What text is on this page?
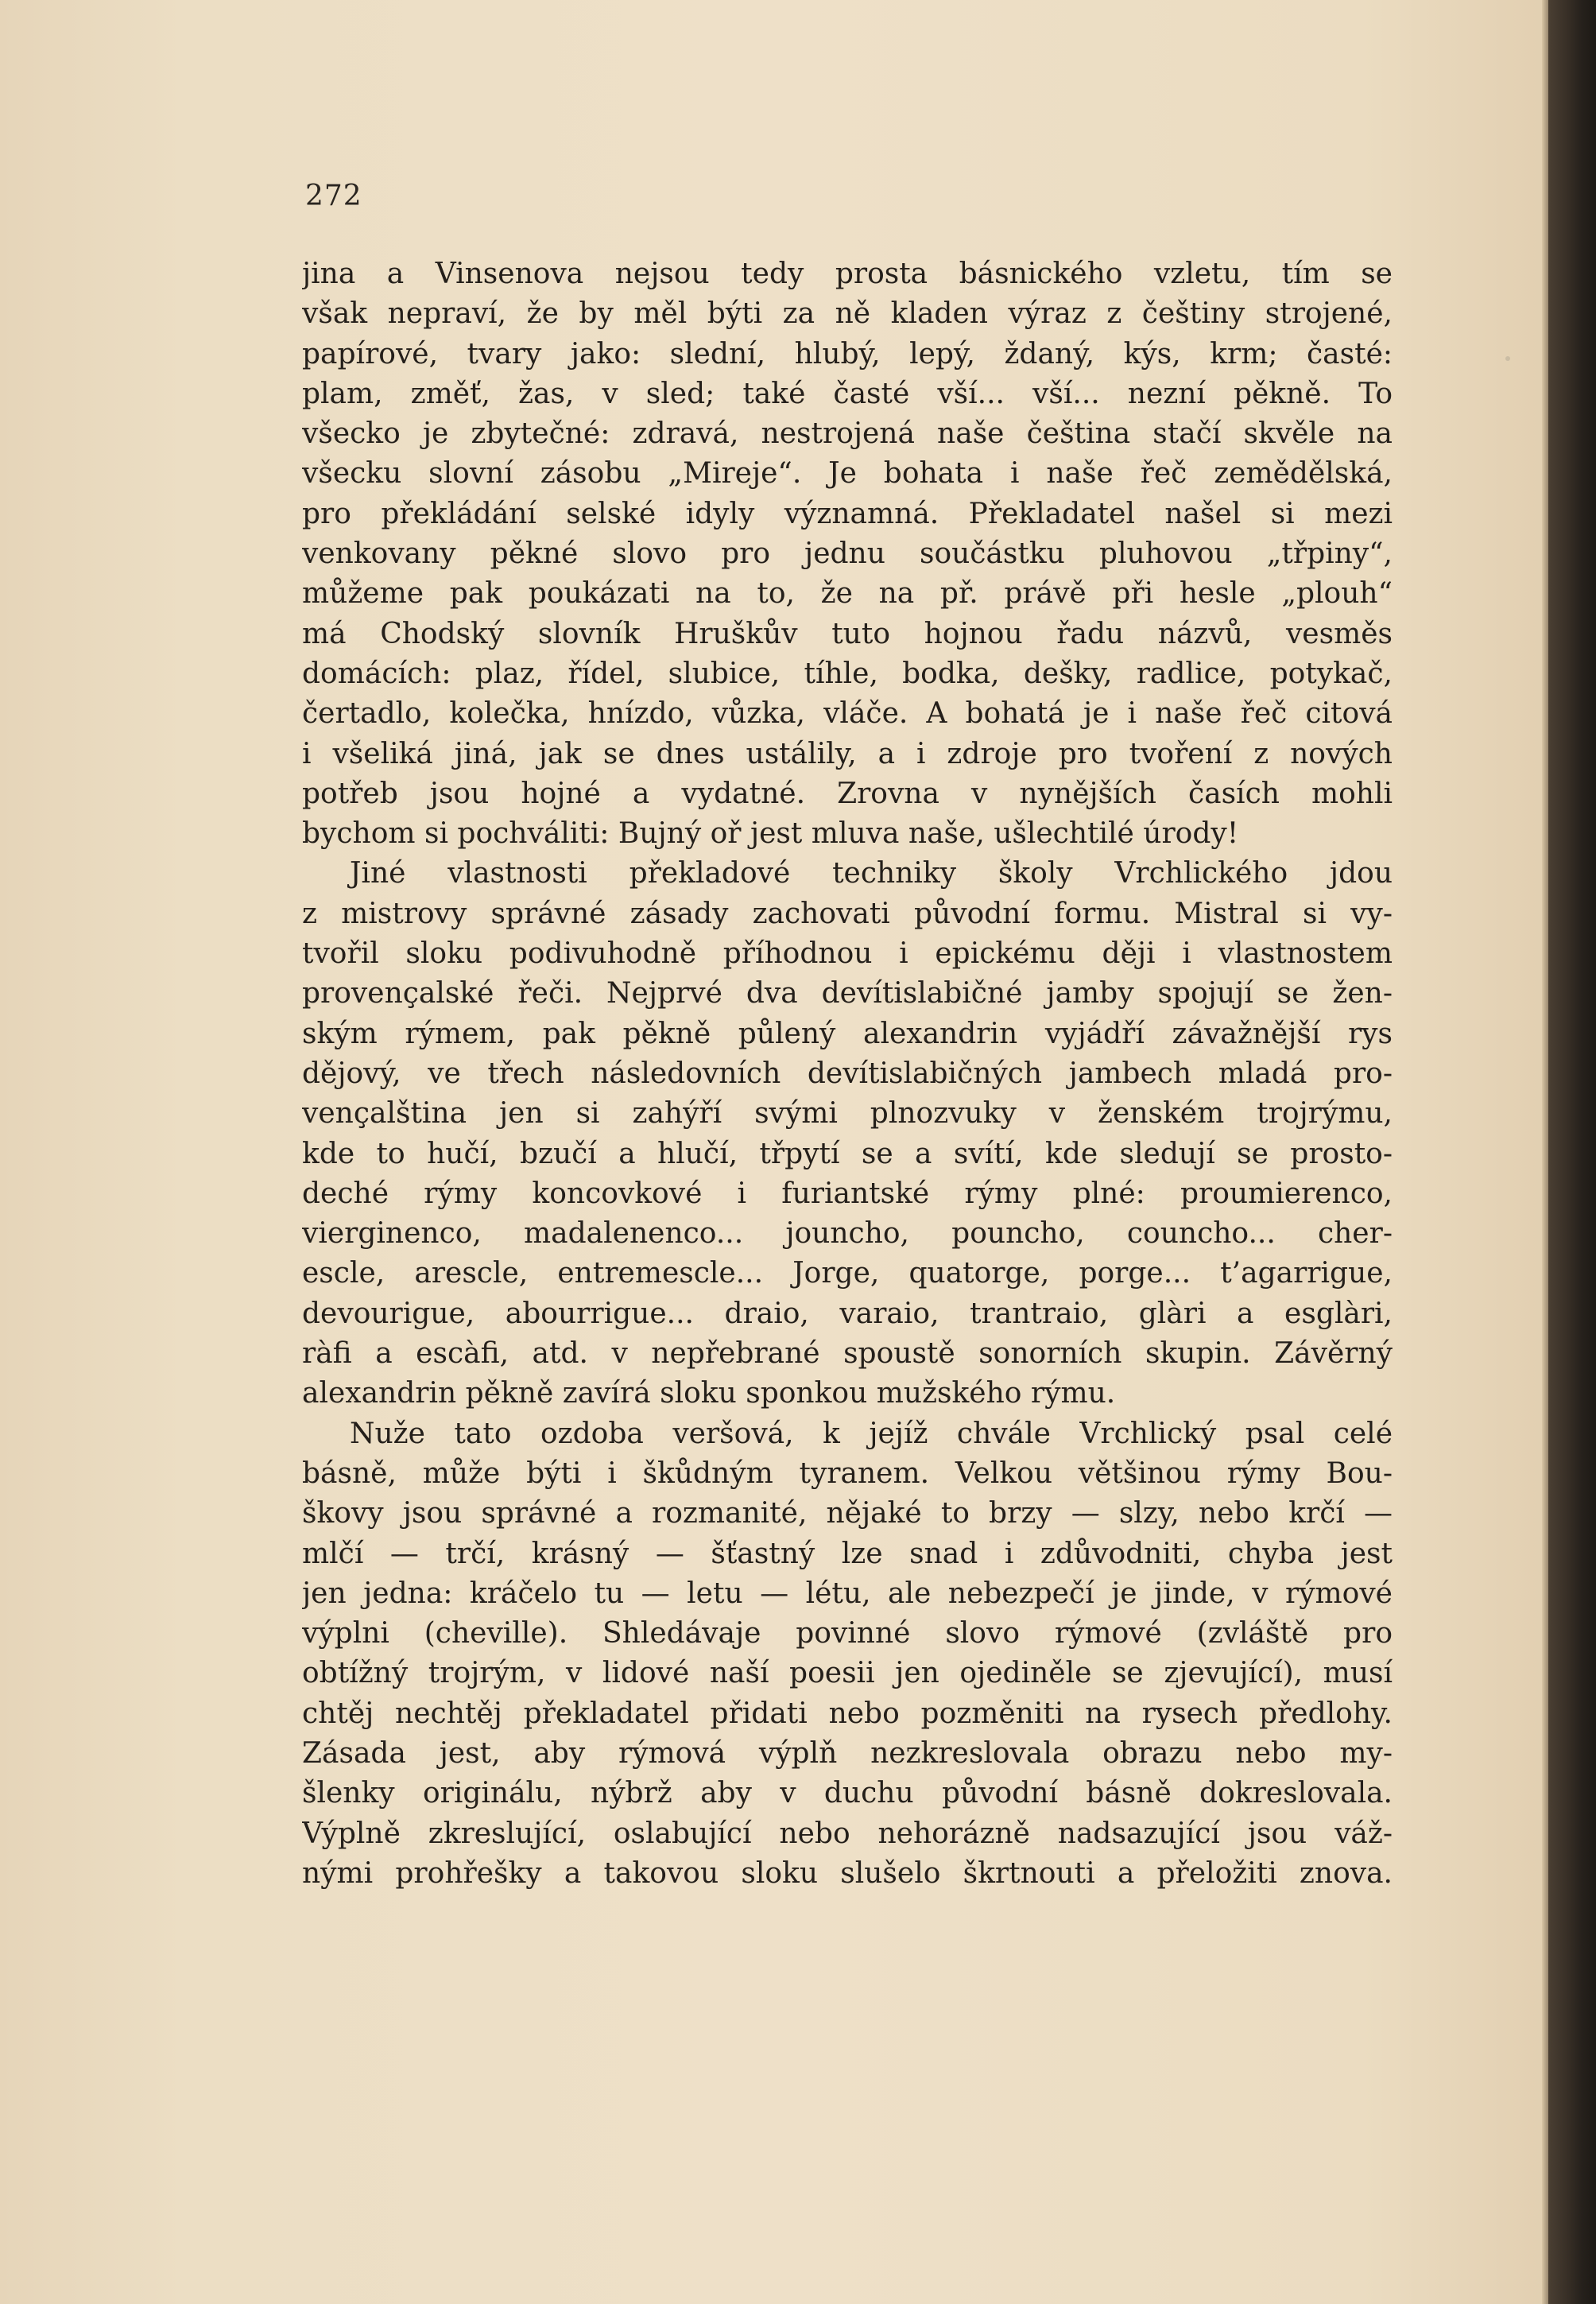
272
jina a Vinsenova nejsou tedy prosta básnického vzletu, tím se
však nepraví, že by měl býti za ně kladen výraz z češtiny strojené,
papírové, tvary jako: slední, hlubý, lepý, ždaný, kýs, krm; časté:
plam, změť, žas, v sled; také časté vší... vší... nezní pěkně. To
všecko je zbytečné: zdravá, nestrojená naše čeština stačí skvěle na
všecku slovní zásobu „Mireje“. Je bohata i naše řeč zemědělská,
pro překládání selské idyly významná. Překladatel našel si mezi
venkovany pěkné slovo pro jednu součástku pluhovou „třpiny“,
můžeme pak poukázati na to, že na př. právě při hesle „plouh“
má Chodský slovník Hruškův tuto hojnou řadu názvů, vesměs
domácích: plaz, řídel, slubice, tíhle, bodka, dešky, radlice, potykač,
čertadlo, kolečka, hnízdo, vůzka, vláče. A bohatá je i naše řeč citová
i všeliká jiná, jak se dnes ustálily, a i zdroje pro tvoření z nových
potřeb jsou hojné a vydatné. Zrovna v nynějších časích mohli
bychom si pochváliti: Bujný oř jest mluva naše, ušlechtilé úrody!
Jiné vlastnosti překladové techniky školy Vrchlického jdou
z mistrovy správné zásady zachovati původní formu. Mistral si vy-
tvořil sloku podivuhodně příhodnou i epickému ději i vlastnostem
provençalské řeči. Nejprvé dva devítislabičné jamby spojují se žen-
ským rýmem, pak pěkně půlený alexandrin vyjádří závažnější rys
dějový, ve třech následovních devítislabičných jambech mladá pro-
vençalština jen si zahýří svými plnozvuky v ženském trojrýmu,
kde to hučí, bzučí a hlučí, třpytí se a svítí, kde sledují se prosto-
deché rýmy koncovkové i furiantské rýmy plné: proumierenco,
vierginenco, madalenenco... jouncho, pouncho, councho... cher-
escle, arescle, entremescle... Jorge, quatorge, porge... t’agarrigue,
devourigue, abourrigue... draio, varaio, trantraio, glàri a esglàri,
ràfi a escàfi, atd. v nepřebrané spoustě sonorních skupin. Závěrný
alexandrin pěkně zavírá sloku sponkou mužského rýmu.
Nuže tato ozdoba veršová, k jejíž chvále Vrchlický psal celé
básně, může býti i škůdným tyranem. Velkou většinou rýmy Bou-
škovy jsou správné a rozmanité, nějaké to brzy — slzy, nebo krčí —
mlčí — trčí, krásný — šťastný lze snad i zdůvodniti, chyba jest
jen jedna: kráčelo tu — letu — létu, ale nebezpečí je jinde, v rýmové
výplni (cheville). Shledávaje povinné slovo rýmové (zvláště pro
obtížný trojrým, v lidové naší poesii jen ojediněle se zjevující), musí
chtěj nechtěj překladatel přidati nebo pozměniti na rysech předlohy.
Zásada jest, aby rýmová výplň nezkreslovala obrazu nebo my-
šlenky originálu, nýbrž aby v duchu původní básně dokreslovala.
Výplně zkreslující, oslabující nebo nehorázně nadsazující jsou váž-
nými prohřešky a takovou sloku slušelo škrtnouti a přeložiti znova.
